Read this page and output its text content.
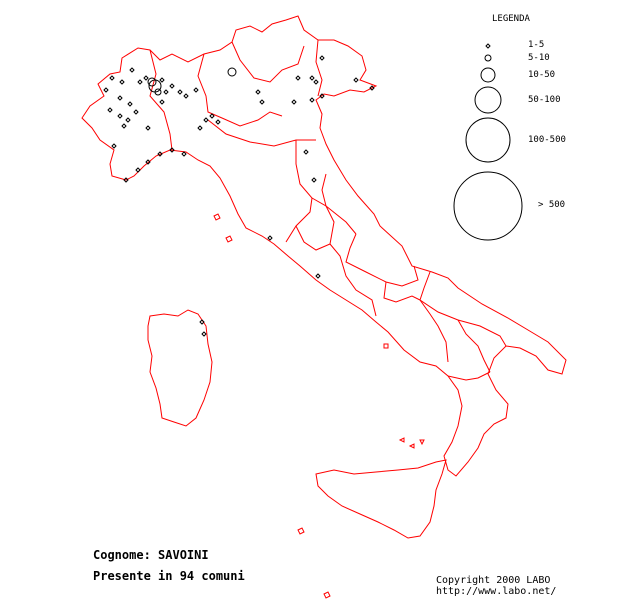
LEGENDA
1-5
5-10
10-50
50-100
100-500
> 500
Cognome: SAVOINI
Presente in 94 comuni	Copyright 2000 LABO
http://www.labo.net/
